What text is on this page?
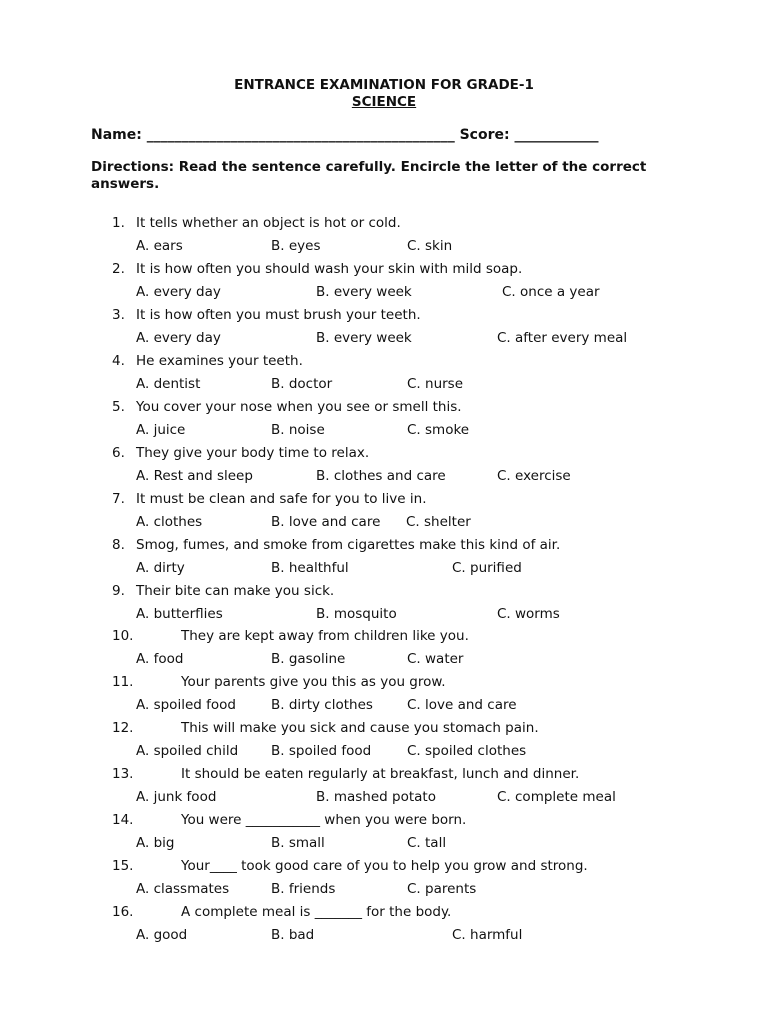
ENTRANCE EXAMINATION FOR GRADE-1
SCIENCE
Name: ____________________________________________ Score: ____________
Directions: Read the sentence carefully. Encircle the letter of the correct answers.
1. It tells whether an object is hot or cold.
A. ears	B. eyes	C. skin
2. It is how often you should wash your skin with mild soap.
A. every day	B. every week	C. once a year
3. It is how often you must brush your teeth.
A. every day	B. every week	C. after every meal
4. He examines your teeth.
A. dentist	B. doctor	C. nurse
5. You cover your nose when you see or smell this.
A. juice	B. noise	C. smoke
6. They give your body time to relax.
A. Rest and sleep	B. clothes and care	C. exercise
7. It must be clean and safe for you to live in.
A. clothes	B. love and care C. shelter
8. Smog, fumes, and smoke from cigarettes make this kind of air.
A. dirty	B. healthful	C. purified
9. Their bite can make you sick.
A. butterflies	B. mosquito	C. worms
10.	They are kept away from children like you.
A. food	B. gasoline	C. water
11.	Your parents give you this as you grow.
A. spoiled food	B. dirty clothes	C. love and care
12.	This will make you sick and cause you stomach pain.
A. spoiled child B. spoiled food	C. spoiled clothes
13.	It should be eaten regularly at breakfast, lunch and dinner.
A. junk food	B. mashed potato	C. complete meal
14.	You were ___________ when you were born.
A. big	B. small	C. tall
15.	Your____ took good care of you to help you grow and strong.
A. classmates	B. friends	C. parents
16.	A complete meal is _______ for the body.
A. good	B. bad	C. harmful
